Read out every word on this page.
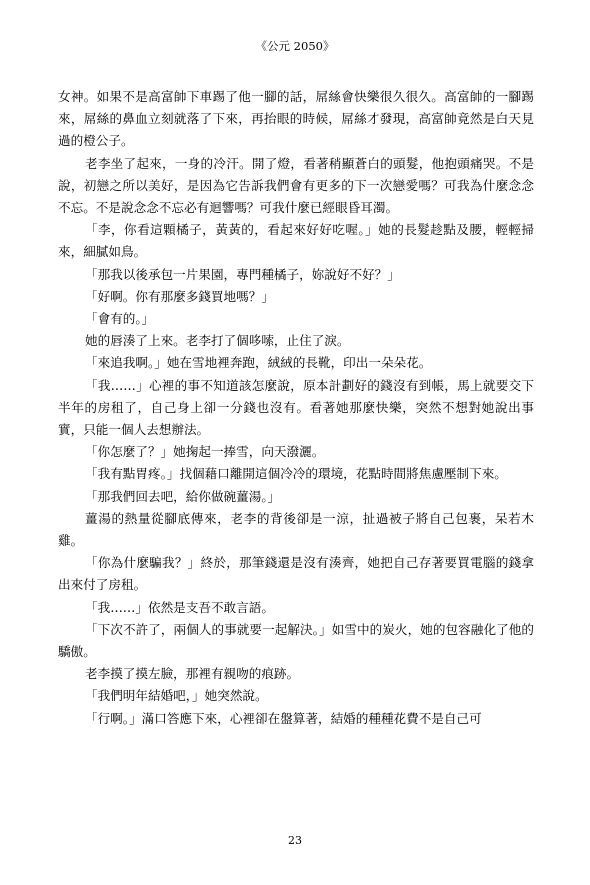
《公元 2050》

女神。如果不是高富帥下車踢了他一腳的話，屌絲會快樂很久很久。高富帥的一腳踢來，屌絲的鼻血立刻就落了下來，再抬眼的時候，屌絲才發現，高富帥竟然是白天見過的橙公子。

老李坐了起來，一身的冷汗。開了燈，看著稍顯蒼白的頭髮，他抱頭痛哭。不是說，初戀之所以美好，是因為它告訴我們會有更多的下一次戀愛嗎？可我為什麼念念不忘。不是說念念不忘必有迴響嗎？可我什麼已經眼昏耳濁。

「李，你看這顆橘子，黃黃的，看起來好好吃喔。」她的長髮趁點及腰，輕輕掃來，細膩如鳥。

「那我以後承包一片果園，專門種橘子，妳說好不好？」

「好啊。你有那麼多錢買地嗎？」

「會有的。」

她的唇湊了上來。老李打了個哆嗦，止住了淚。

「來追我啊。」她在雪地裡奔跑，絨絨的長靴，印出一朵朵花。

「我……」心裡的事不知道該怎麼說，原本計劃好的錢沒有到帳，馬上就要交下半年的房租了，自己身上卻一分錢也沒有。看著她那麼快樂，突然不想對她說出事實，只能一個人去想辦法。

「你怎麼了？」她掬起一捧雪，向天潑灑。

「我有點胃疼。」找個藉口離開這個冷冷的環境，花點時間將焦慮壓制下來。

「那我們回去吧，給你做碗薑湯。」

薑湯的熱量從腳底傳來，老李的背後卻是一涼，扯過被子將自己包裹，呆若木雞。

「你為什麼騙我？」終於，那筆錢還是沒有湊齊，她把自己存著要買電腦的錢拿出來付了房租。

「我……」依然是支吾不敢言語。

「下次不許了，兩個人的事就要一起解決。」如雪中的炭火，她的包容融化了他的驕傲。

老李摸了摸左臉，那裡有親吻的痕跡。

「我們明年結婚吧，」她突然說。

「行啊。」滿口答應下來，心裡卻在盤算著，結婚的種種花費不是自己可

23
